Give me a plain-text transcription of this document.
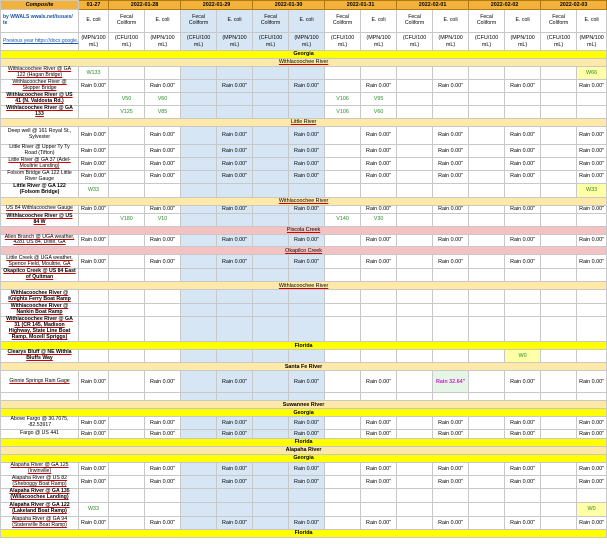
Composite	01-27	2022-01-28		2022-01-29		2022-01-30		2022-01-31		2022-02-01		2022-02-02		2022-02-03	
by WWALS wwals.net/issues/ te	E. coli	Fecal Coliform	E. coli	Fecal Coliform	E. coli	Fecal Coliform	E. coli	Fecal Coliform	E. coli	Fecal Coliform	E. coli	Fecal Coliform	E. coli	Fecal Coliform	E. coli

Previous year https://docs.google.	(MPN/100 mL)	(CFU/100 mL)	(MPN/100 mL)	(CFU/100 mL)	(MPN/100 mL)	(CFU/100 mL)	(MPN/100 mL)	(CFU/100 mL)	(MPN/100 mL)	(CFU/100 mL)	(MPN/100 mL)	(CFU/100 mL)	(MPN/100 mL)	(CFU/100 mL)	(MPN/100 mL)
Georgia															
Withlacoochee River															
Withlacoochee River @ GA 122 (Hagan Bridge)	W133														W66
Withlacoochee River @ Skipper Bridge	Rain 0.00"		Rain 0.00"		Rain 0.00"		Rain 0.00"		Rain 0.00"		Rain 0.00"		Rain 0.00"		Rain 0.00"
Withlacoochee River @ US 41 (N. Valdosta Rd.)		V50	V60					V106	V95						
Withlacoochee River @ GA 133		V125	V85					V106	V60						
Little River															
Deep well @ 161 Royal St., Sylvester	Rain 0.00"		Rain 0.00"		Rain 0.00"		Rain 0.00"		Rain 0.00"		Rain 0.00"		Rain 0.00"		Rain 0.00"
Little River @ Upper Ty Ty Road (Tifton)	Rain 0.00"		Rain 0.00"		Rain 0.00"		Rain 0.00"		Rain 0.00"		Rain 0.00"		Rain 0.00"		Rain 0.00"
Little River @ GA 37 (Adel-Moultrie Landing)	Rain 0.00"		Rain 0.00"		Rain 0.00"		Rain 0.00"		Rain 0.00"		Rain 0.00"		Rain 0.00"		Rain 0.00"
Folsom Bridge GA 122 Little River Gauge	Rain 0.00"		Rain 0.00"		Rain 0.00"		Rain 0.00"		Rain 0.00"		Rain 0.00"		Rain 0.00"		Rain 0.00"
Little River @ GA 122 (Folsom Bridge)	W33														W33
Withlacoochee River															
US 84 Withlacoochee Gauge	Rain 0.00"		Rain 0.00"		Rain 0.00"		Rain 0.00"		Rain 0.00"		Rain 0.00"		Rain 0.00"		Rain 0.00"
Withlacoochee River @ US 84 W		V180	V10					V140	V30						
Piscola Creek															
Allen Branch @ UGA weather, 4281 US 84, Dixie, GA	Rain 0.00"		Rain 0.00"		Rain 0.00"		Rain 0.00"		Rain 0.00"		Rain 0.00"		Rain 0.00"		Rain 0.00"
Okapilco Creek															
Little Creek @ UGA weather, Spence Field, Moultrie, GA	Rain 0.00"		Rain 0.00"		Rain 0.00"		Rain 0.00"		Rain 0.00"		Rain 0.00"		Rain 0.00"		Rain 0.00"
Okapilco Creek @ US 84 East of Quitman															
Withlacoochee River															
Withlacoochee River @ Knights Ferry Boat Ramp															
Withlacoochee River @ Nankin Boat Ramp															
Withlacoochee River @ GA 31 (CR 145, Madison Highway, State Line Boat Ramp, Mozell Spriggs)															
Florida															
Clearys Bluff @ NE Withla Bluffs Way													W0		
Santa Fe River															
Ginnie Springs Rain Gage	Rain 0.00"		Rain 0.00"		Rain 0.00"		Rain 0.00"		Rain 0.00"		Rain 32.64"		Rain 0.00"		Rain 0.00"

Suwannee River															
Georgia															
Above Fargo @ 30.7075, -82.53917	Rain 0.00"		Rain 0.00"		Rain 0.00"		Rain 0.00"		Rain 0.00"		Rain 0.00"		Rain 0.00"		Rain 0.00"
Fargo @ US 441	Rain 0.00"		Rain 0.00"		Rain 0.00"		Rain 0.00"		Rain 0.00"		Rain 0.00"		Rain 0.00"		Rain 0.00"
Florida															
Alapaha River															
Georgia															
Alapaha River @ GA 125 (Irwinville)	Rain 0.00"		Rain 0.00"		Rain 0.00"		Rain 0.00"		Rain 0.00"		Rain 0.00"		Rain 0.00"		Rain 0.00"
Alapaha River @ US 82 (Sheboggy Boat Ramp)	Rain 0.00"		Rain 0.00"		Rain 0.00"		Rain 0.00"		Rain 0.00"		Rain 0.00"		Rain 0.00"		Rain 0.00"
Alapaha River @ GA 135 (Willacoochee Landing)															
Alapaha River @ GA 122 (Lakeland Boat Ramp)	W33														W0
Alapaha River @ GA 94 (Statenville Boat Ramp)	Rain 0.00"		Rain 0.00"		Rain 0.00"		Rain 0.00"		Rain 0.00"		Rain 0.00"		Rain 0.00"		Rain 0.00"
Florida															
